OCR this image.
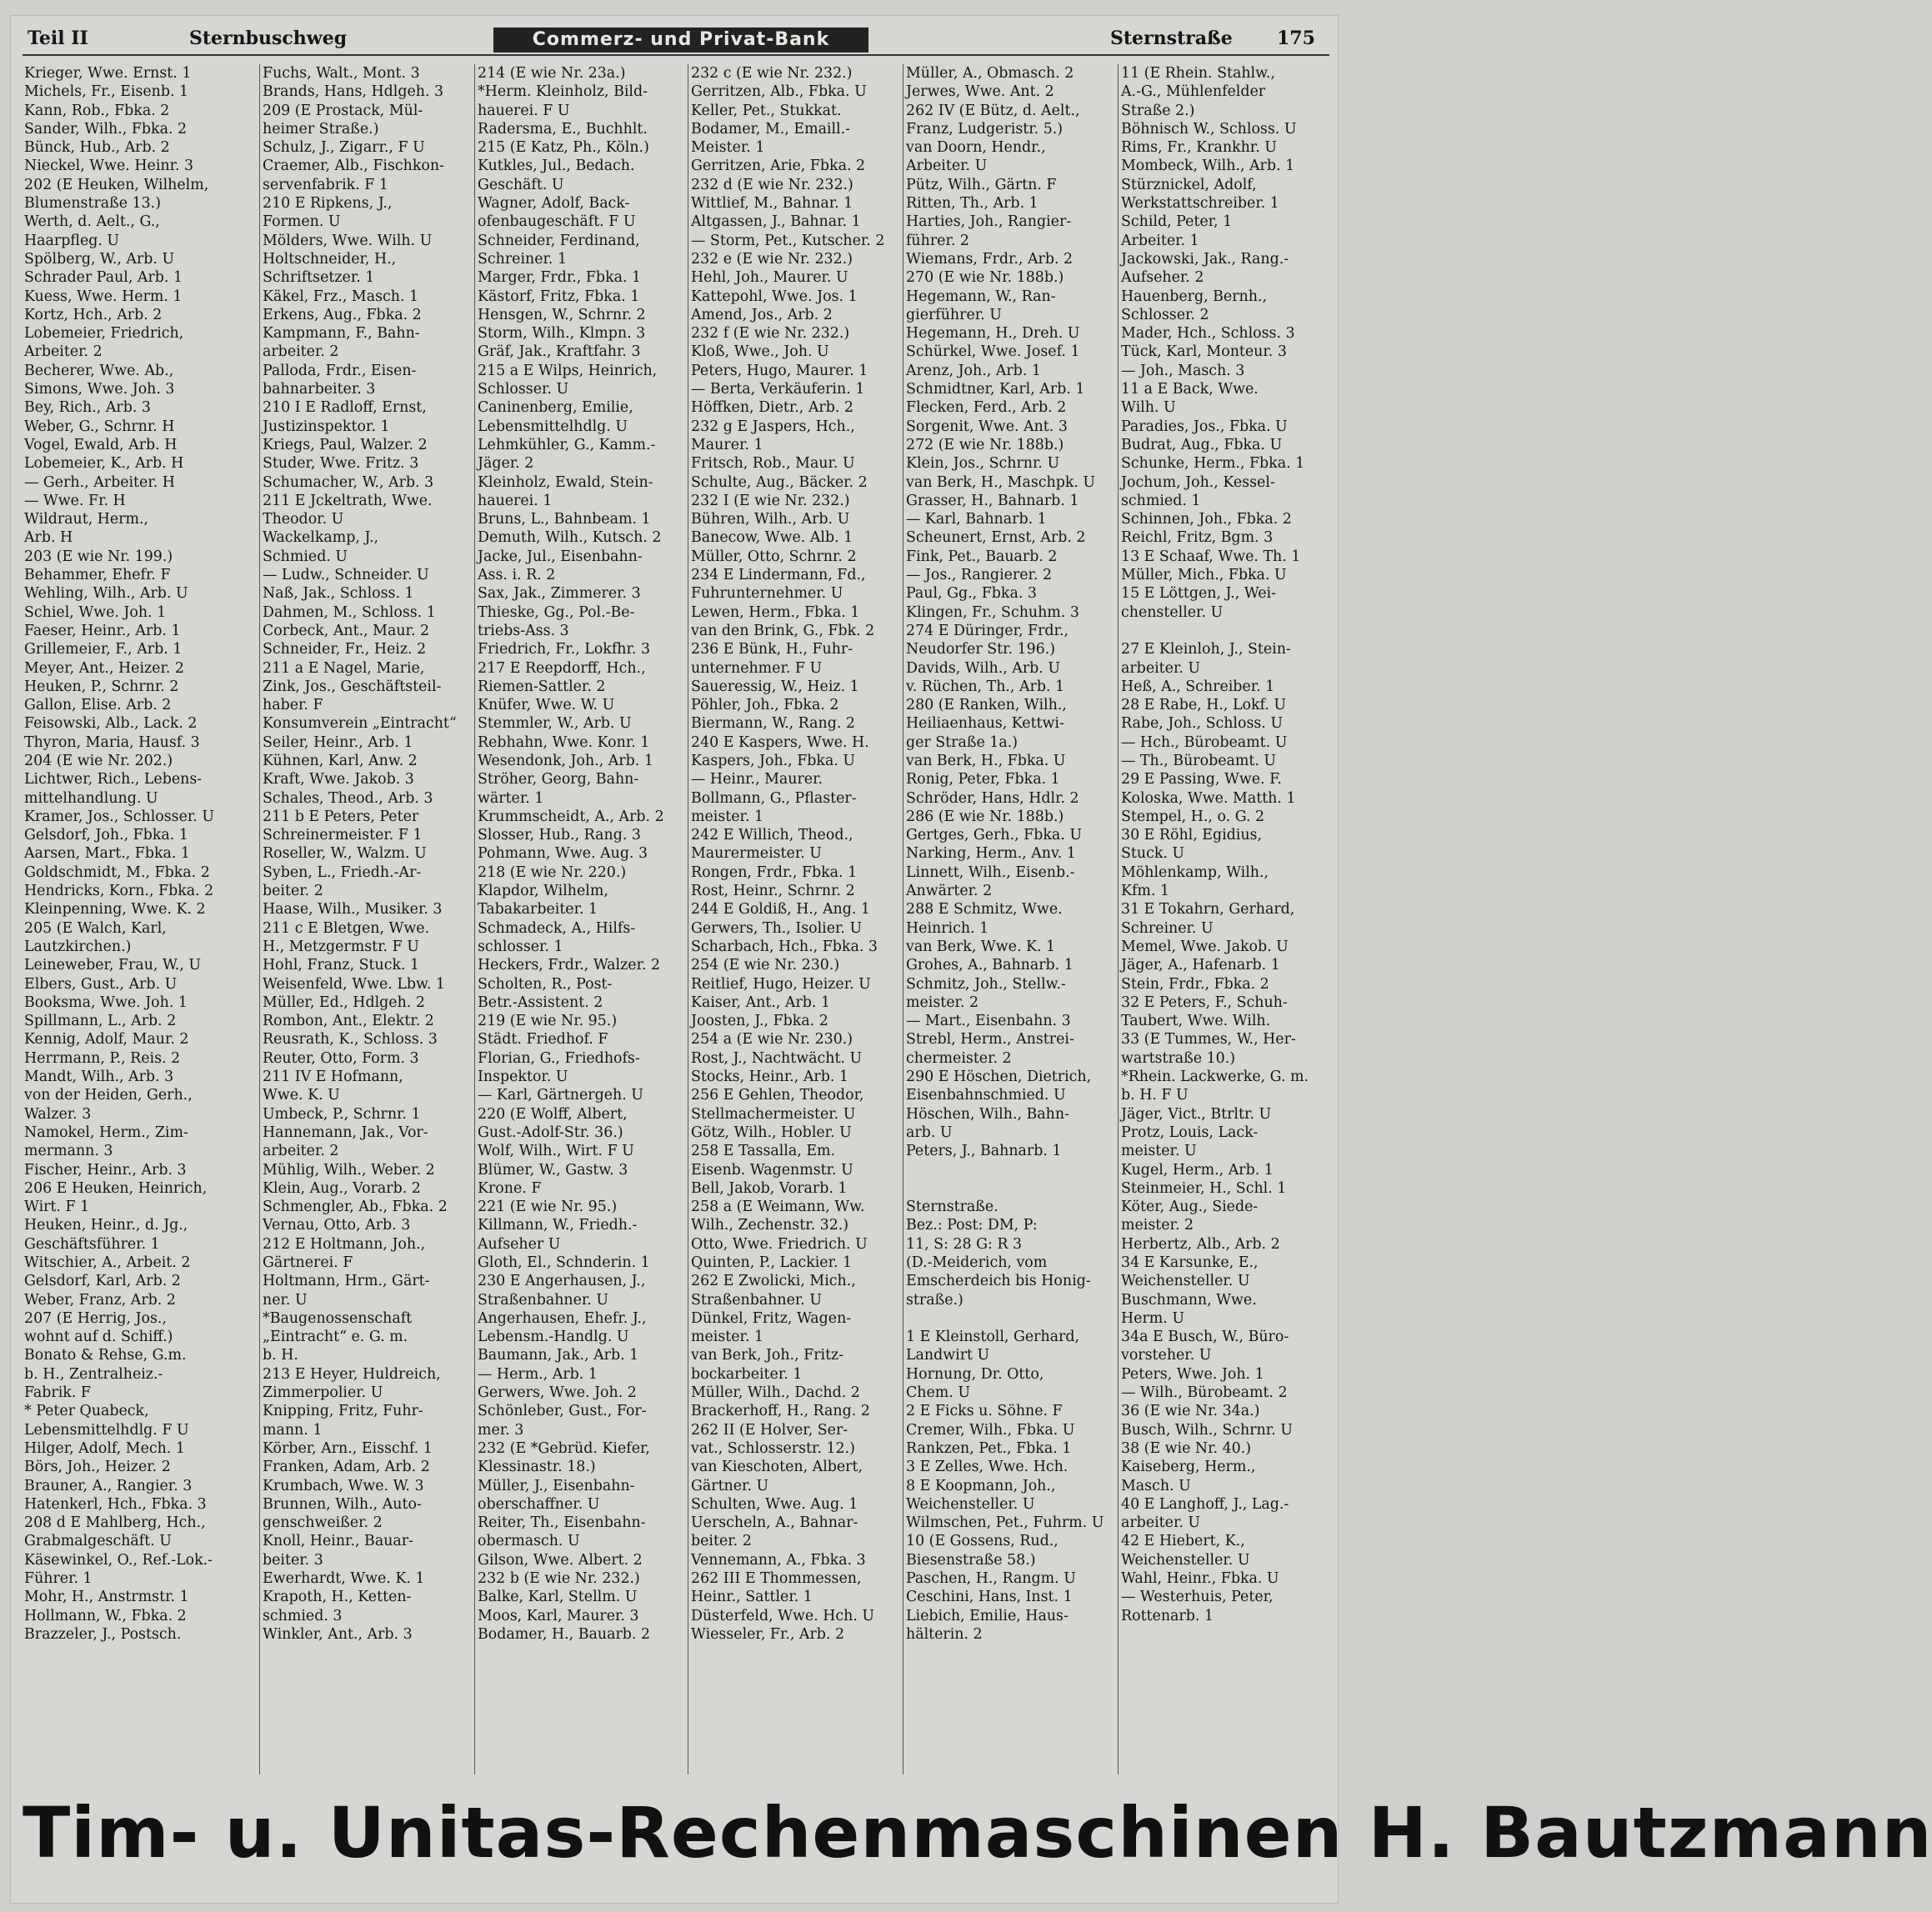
Teil II	Sternbuschweg	Commerz- und Privat-Bank	Sternstraße 175
Krieger, Wwe. Ernst. 1
Michels, Fr., Eisenb. 1
Kann, Rob., Fbka. 2
Sander, Wilh., Fbka. 2
Bünck, Hub., Arb. 2
Nieckel, Wwe. Heinr. 3
202 (E Heuken, Wilhelm,
Blumenstraße 13.)
Werth, d. Aelt., G.,
Haarpfleg. U
Spölberg, W., Arb. U
Schrader Paul, Arb. 1
Kuess, Wwe. Herm. 1
Kortz, Hch., Arb. 2
Lobemeier, Friedrich,
Arbeiter. 2
Becherer, Wwe. Ab.,
Simons, Wwe. Joh. 3
Bey, Rich., Arb. 3
Weber, G., Schrnr. H
Vogel, Ewald, Arb. H
Lobemeier, K., Arb. H
— Gerh., Arbeiter. H
— Wwe. Fr. H
Wildraut, Herm.,
Arb. H
203 (E wie Nr. 199.)
Behammer, Ehefr. F
Wehling, Wilh., Arb. U
Schiel, Wwe. Joh. 1
Faeser, Heinr., Arb. 1
Grillemeier, F., Arb. 1
Meyer, Ant., Heizer. 2
Heuken, P., Schrnr. 2
Gallon, Elise. Arb. 2
Feisowski, Alb., Lack. 2
Thyron, Maria, Hausf. 3
204 (E wie Nr. 202.)
Lichtwer, Rich., Lebens-
mittelhandlung. U
Kramer, Jos., Schlosser. U
Gelsdorf, Joh., Fbka. 1
Aarsen, Mart., Fbka. 1
Goldschmidt, M., Fbka. 2
Hendricks, Korn., Fbka. 2
Kleinpenning, Wwe. K. 2
205 (E Walch, Karl,
Lautzkirchen.)
Leineweber, Frau, W., U
Elbers, Gust., Arb. U
Booksma, Wwe. Joh. 1
Spillmann, L., Arb. 2
Kennig, Adolf, Maur. 2
Herrmann, P., Reis. 2
Mandt, Wilh., Arb. 3
von der Heiden, Gerh.,
Walzer. 3
Namokel, Herm., Zim-
mermann. 3
Fischer, Heinr., Arb. 3
206 E Heuken, Heinrich,
Wirt. F 1
Heuken, Heinr., d. Jg.,
Geschäftsführer. 1
Witschier, A., Arbeit. 2
Gelsdorf, Karl, Arb. 2
Weber, Franz, Arb. 2
207 (E Herrig, Jos.,
wohnt auf d. Schiff.)
Bonato & Rehse, G.m.
b. H., Zentralheiz.-
Fabrik. F
* Peter Quabeck,
Lebensmittelhdlg. F U
Hilger, Adolf, Mech. 1
Börs, Joh., Heizer. 2
Brauner, A., Rangier. 3
Hatenkerl, Hch., Fbka. 3
208 d E Mahlberg, Hch.,
Grabmalgeschäft. U
Käsewinkel, O., Ref.-Lok.-
Führer. 1
Mohr, H., Anstrmstr. 1
Hollmann, W., Fbka. 2
Brazzeler, J., Postsch.
Fuchs, Walt., Mont. 3
Brands, Hans, Hdlgeh. 3
209 (E Prostack, Mül-
heimer Straße.)
Schulz, J., Zigarr., F U
Craemer, Alb., Fischkon-
servenfabrik. F 1
210 E Ripkens, J.,
Formen. U
Mölders, Wwe. Wilh. U
Holtschneider, H.,
Schriftsetzer. 1
Käkel, Frz., Masch. 1
Erkens, Aug., Fbka. 2
Kampmann, F., Bahn-
arbeiter. 2
Palloda, Frdr., Eisen-
bahnarbeiter. 3
210 I E Radloff, Ernst,
Justizinspektor. 1
Kriegs, Paul, Walzer. 2
Studer, Wwe. Fritz. 3
Schumacher, W., Arb. 3
211 E Jckeltrath, Wwe.
Theodor. U
Wackelkamp, J.,
Schmied. U
— Ludw., Schneider. U
Naß, Jak., Schloss. 1
Dahmen, M., Schloss. 1
Corbeck, Ant., Maur. 2
Schneider, Fr., Heiz. 2
211 a E Nagel, Marie,
Zink, Jos., Geschäftsteil-
haber. F
Konsumverein „Eintracht“
Seiler, Heinr., Arb. 1
Kühnen, Karl, Anw. 2
Kraft, Wwe. Jakob. 3
Schales, Theod., Arb. 3
211 b E Peters, Peter
Schreinermeister. F 1
Roseller, W., Walzm. U
Syben, L., Friedh.-Ar-
beiter. 2
Haase, Wilh., Musiker. 3
211 c E Bletgen, Wwe.
H., Metzgermstr. F U
Hohl, Franz, Stuck. 1
Weisenfeld, Wwe. Lbw. 1
Müller, Ed., Hdlgeh. 2
Rombon, Ant., Elektr. 2
Reusrath, K., Schloss. 3
Reuter, Otto, Form. 3
211 IV E Hofmann,
Wwe. K. U
Umbeck, P., Schrnr. 1
Hannemann, Jak., Vor-
arbeiter. 2
Mühlig, Wilh., Weber. 2
Klein, Aug., Vorarb. 2
Schmengler, Ab., Fbka. 2
Vernau, Otto, Arb. 3
212 E Holtmann, Joh.,
Gärtnerei. F
Holtmann, Hrm., Gärt-
ner. U
*Baugenossenschaft
„Eintracht“ e. G. m.
b. H.
213 E Heyer, Huldreich,
Zimmerpolier. U
Knipping, Fritz, Fuhr-
mann. 1
Körber, Arn., Eisschf. 1
Franken, Adam, Arb. 2
Krumbach, Wwe. W. 3
Brunnen, Wilh., Auto-
genschweißer. 2
Knoll, Heinr., Bauar-
beiter. 3
Ewerhardt, Wwe. K. 1
Krapoth, H., Ketten-
schmied. 3
Winkler, Ant., Arb. 3
214 (E wie Nr. 23a.)
*Herm. Kleinholz, Bild-
hauerei. F U
Radersma, E., Buchhlt.
215 (E Katz, Ph., Köln.)
Kutkles, Jul., Bedach.
Geschäft. U
Wagner, Adolf, Back-
ofenbaugeschäft. F U
Schneider, Ferdinand,
Schreiner. 1
Marger, Frdr., Fbka. 1
Kästorf, Fritz, Fbka. 1
Hensgen, W., Schrnr. 2
Storm, Wilh., Klmpn. 3
Gräf, Jak., Kraftfahr. 3
215 a E Wilps, Heinrich,
Schlosser. U
Caninenberg, Emilie,
Lebensmittelhdlg. U
Lehmkühler, G., Kamm.-
Jäger. 2
Kleinholz, Ewald, Stein-
hauerei. 1
Bruns, L., Bahnbeam. 1
Demuth, Wilh., Kutsch. 2
Jacke, Jul., Eisenbahn-
Ass. i. R. 2
Sax, Jak., Zimmerer. 3
Thieske, Gg., Pol.-Be-
triebs-Ass. 3
Friedrich, Fr., Lokfhr. 3
217 E Reepdorff, Hch.,
Riemen-Sattler. 2
Knüfer, Wwe. W. U
Stemmler, W., Arb. U
Rebhahn, Wwe. Konr. 1
Wesendonk, Joh., Arb. 1
Ströher, Georg, Bahn-
wärter. 1
Krummscheidt, A., Arb. 2
Slosser, Hub., Rang. 3
Pohmann, Wwe. Aug. 3
218 (E wie Nr. 220.)
Klapdor, Wilhelm,
Tabakarbeiter. 1
Schmadeck, A., Hilfs-
schlosser. 1
Heckers, Frdr., Walzer. 2
Scholten, R., Post-
Betr.-Assistent. 2
219 (E wie Nr. 95.)
Städt. Friedhof. F
Florian, G., Friedhofs-
Inspektor. U
— Karl, Gärtnergeh. U
220 (E Wolff, Albert,
Gust.-Adolf-Str. 36.)
Wolf, Wilh., Wirt. F U
Blümer, W., Gastw. 3
Krone. F
221 (E wie Nr. 95.)
Killmann, W., Friedh.-
Aufseher U
Gloth, El., Schnderin. 1
230 E Angerhausen, J.,
Straßenbahner. U
Angerhausen, Ehefr. J.,
Lebensm.-Handlg. U
Baumann, Jak., Arb. 1
— Herm., Arb. 1
Gerwers, Wwe. Joh. 2
Schönleber, Gust., For-
mer. 3
232 (E *Gebrüd. Kiefer,
Klessinastr. 18.)
Müller, J., Eisenbahn-
oberschaffner. U
Reiter, Th., Eisenbahn-
obermasch. U
Gilson, Wwe. Albert. 2
232 b (E wie Nr. 232.)
Balke, Karl, Stellm. U
Moos, Karl, Maurer. 3
Bodamer, H., Bauarb. 2
232 c (E wie Nr. 232.)
Gerritzen, Alb., Fbka. U
Keller, Pet., Stukkat.
Bodamer, M., Emaill.-
Meister. 1
Gerritzen, Arie, Fbka. 2
232 d (E wie Nr. 232.)
Wittlief, M., Bahnar. 1
Altgassen, J., Bahnar. 1
— Storm, Pet., Kutscher. 2
232 e (E wie Nr. 232.)
Hehl, Joh., Maurer. U
Kattepohl, Wwe. Jos. 1
Amend, Jos., Arb. 2
232 f (E wie Nr. 232.)
Kloß, Wwe., Joh. U
Peters, Hugo, Maurer. 1
— Berta, Verkäuferin. 1
Höffken, Dietr., Arb. 2
232 g E Jaspers, Hch.,
Maurer. 1
Fritsch, Rob., Maur. U
Schulte, Aug., Bäcker. 2
232 I (E wie Nr. 232.)
Bühren, Wilh., Arb. U
Banecow, Wwe. Alb. 1
Müller, Otto, Schrnr. 2
234 E Lindermann, Fd.,
Fuhrunternehmer. U
Lewen, Herm., Fbka. 1
van den Brink, G., Fbk. 2
236 E Bünk, H., Fuhr-
unternehmer. F U
Saueressig, W., Heiz. 1
Pöhler, Joh., Fbka. 2
Biermann, W., Rang. 2
240 E Kaspers, Wwe. H.
Kaspers, Joh., Fbka. U
— Heinr., Maurer.
Bollmann, G., Pflaster-
meister. 1
242 E Willich, Theod.,
Maurermeister. U
Rongen, Frdr., Fbka. 1
Rost, Heinr., Schrnr. 2
244 E Goldiß, H., Ang. 1
Gerwers, Th., Isolier. U
Scharbach, Hch., Fbka. 3
254 (E wie Nr. 230.)
Reitlief, Hugo, Heizer. U
Kaiser, Ant., Arb. 1
Joosten, J., Fbka. 2
254 a (E wie Nr. 230.)
Rost, J., Nachtwächt. U
Stocks, Heinr., Arb. 1
256 E Gehlen, Theodor,
Stellmachermeister. U
Götz, Wilh., Hobler. U
258 E Tassalla, Em.
Eisenb. Wagenmstr. U
Bell, Jakob, Vorarb. 1
258 a (E Weimann, Ww.
Wilh., Zechenstr. 32.)
Otto, Wwe. Friedrich. U
Quinten, P., Lackier. 1
262 E Zwolicki, Mich.,
Straßenbahner. U
Dünkel, Fritz, Wagen-
meister. 1
van Berk, Joh., Fritz-
bockarbeiter. 1
Müller, Wilh., Dachd. 2
Brackerhoff, H., Rang. 2
262 II (E Holver, Ser-
vat., Schlosserstr. 12.)
van Kieschoten, Albert,
Gärtner. U
Schulten, Wwe. Aug. 1
Uerscheln, A., Bahnar-
beiter. 2
Vennemann, A., Fbka. 3
262 III E Thommessen,
Heinr., Sattler. 1
Düsterfeld, Wwe. Hch. U
Wiesseler, Fr., Arb. 2
Müller, A., Obmasch. 2
Jerwes, Wwe. Ant. 2
262 IV (E Bütz, d. Aelt.,
Franz, Ludgeristr. 5.)
van Doorn, Hendr.,
Arbeiter. U
Pütz, Wilh., Gärtn. F
Ritten, Th., Arb. 1
Harties, Joh., Rangier-
führer. 2
Wiemans, Frdr., Arb. 2
270 (E wie Nr. 188b.)
Hegemann, W., Ran-
gierführer. U
Hegemann, H., Dreh. U
Schürkel, Wwe. Josef. 1
Arenz, Joh., Arb. 1
Schmidtner, Karl, Arb. 1
Flecken, Ferd., Arb. 2
Sorgenit, Wwe. Ant. 3
272 (E wie Nr. 188b.)
Klein, Jos., Schrnr. U
van Berk, H., Maschpk. U
Grasser, H., Bahnarb. 1
— Karl, Bahnarb. 1
Scheunert, Ernst, Arb. 2
Fink, Pet., Bauarb. 2
— Jos., Rangierer. 2
Paul, Gg., Fbka. 3
Klingen, Fr., Schuhm. 3
274 E Düringer, Frdr.,
Neudorfer Str. 196.)
Davids, Wilh., Arb. U
v. Rüchen, Th., Arb. 1
280 (E Ranken, Wilh.,
Heiliaenhaus, Kettwi-
ger Straße 1a.)
van Berk, H., Fbka. U
Ronig, Peter, Fbka. 1
Schröder, Hans, Hdlr. 2
286 (E wie Nr. 188b.)
Gertges, Gerh., Fbka. U
Narking, Herm., Anv. 1
Linnett, Wilh., Eisenb.-
Anwärter. 2
288 E Schmitz, Wwe.
Heinrich. 1
van Berk, Wwe. K. 1
Grohes, A., Bahnarb. 1
Schmitz, Joh., Stellw.-
meister. 2
— Mart., Eisenbahn. 3
Strebl, Herm., Anstrei-
chermeister. 2
290 E Höschen, Dietrich,
Eisenbahnschmied. U
Höschen, Wilh., Bahn-
arb. U
Peters, J., Bahnarb. 1
Sternstraße.
Bez.: Post: DM, P:
11, S: 28 G: R 3
(D.-Meiderich, vom
Emscherdeich bis Honig-
straße.)
1 E Kleinstoll, Gerhard,
Landwirt U
Hornung, Dr. Otto,
Chem. U
2 E Ficks u. Söhne. F
Cremer, Wilh., Fbka. U
Rankzen, Pet., Fbka. 1
3 E Zelles, Wwe. Hch.
8 E Koopmann, Joh.,
Weichensteller. U
Wilmschen, Pet., Fuhrm. U
10 (E Gossens, Rud.,
Biesenstraße 58.)
Paschen, H., Rangm. U
Ceschini, Hans, Inst. 1
Liebich, Emilie, Haus-
hälterin. 2
11 (E Rhein. Stahlw.,
A.-G., Mühlenfelder
Straße 2.)
Böhnisch W., Schloss. U
Rims, Fr., Krankhr. U
Mombeck, Wilh., Arb. 1
Stürznickel, Adolf,
Werkstattschreiber. 1
Schild, Peter, 1
Arbeiter. 1
Jackowski, Jak., Rang.-
Aufseher. 2
Hauenberg, Bernh.,
Schlosser. 2
Mader, Hch., Schloss. 3
Tück, Karl, Monteur. 3
— Joh., Masch. 3
11 a E Back, Wwe.
Wilh. U
Paradies, Jos., Fbka. U
Budrat, Aug., Fbka. U
Schunke, Herm., Fbka. 1
Jochum, Joh., Kessel-
schmied. 1
Schinnen, Joh., Fbka. 2
Reichl, Fritz, Bgm. 3
13 E Schaaf, Wwe. Th. 1
Müller, Mich., Fbka. U
15 E Löttgen, J., Wei-
chensteller. U
27 E Kleinloh, J., Stein-
arbeiter. U
Heß, A., Schreiber. 1
28 E Rabe, H., Lokf. U
Rabe, Joh., Schloss. U
— Hch., Bürobeamt. U
— Th., Bürobeamt. U
29 E Passing, Wwe. F.
Koloska, Wwe. Matth. 1
Stempel, H., o. G. 2
30 E Röhl, Egidius,
Stuck. U
Möhlenkamp, Wilh.,
Kfm. 1
31 E Tokahrn, Gerhard,
Schreiner. U
Memel, Wwe. Jakob. U
Jäger, A., Hafenarb. 1
Stein, Frdr., Fbka. 2
32 E Peters, F., Schuh-
Taubert, Wwe. Wilh.
33 (E Tummes, W., Her-
wartstraße 10.)
*Rhein. Lackwerke, G. m.
b. H. F U
Jäger, Vict., Btrltr. U
Protz, Louis, Lack-
meister. U
Kugel, Herm., Arb. 1
Steinmeier, H., Schl. 1
Köter, Aug., Siede-
meister. 2
Herbertz, Alb., Arb. 2
34 E Karsunke, E.,
Weichensteller. U
Buschmann, Wwe.
Herm. U
34a E Busch, W., Büro-
vorsteher. U
Peters, Wwe. Joh. 1
— Wilh., Bürobeamt. 2
36 (E wie Nr. 34a.)
Busch, Wilh., Schrnr. U
38 (E wie Nr. 40.)
Kaiseberg, Herm.,
Masch. U
40 E Langhoff, J., Lag.-
arbeiter. U
42 E Hiebert, K.,
Weichensteller. U
Wahl, Heinr., Fbka. U
— Westerhuis, Peter,
Rottenarb. 1
Tim- u. Unitas-Rechenmaschinen H. Bautzmann
